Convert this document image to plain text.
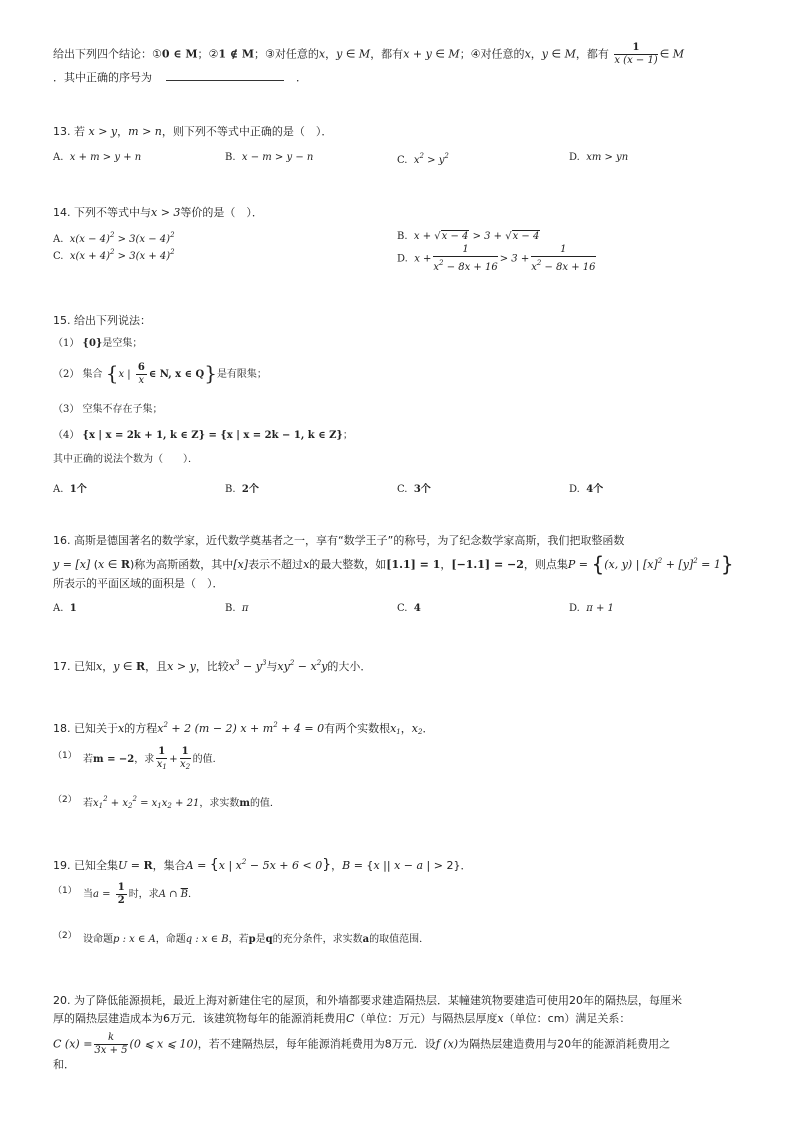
给出下列四个结论：①0 ∈ M；②1 ∉ M；③对任意的x，y ∈ M，都有x + y ∈ M；④对任意的x，y ∈ M，都有 $\frac{1}{x (x - 1)}$ ∈ M
．其中正确的序号为	．
13. 若 x > y，m > n，则下列不等式中正确的是（　）．
A. x + m > y + n	B. x − m > y − n	C. $x^2 > y^2$	D. xm > yn
14. 下列不等式中与x > 3等价的是（　）．
A.  $x(x - 4)^2 > 3(x - 4)^2$	B.  x + √x − 4 > 3 + √x − 4
C.  $x(x + 4)^2 > 3(x + 4)^2$
D.  $x + \frac{1}{x^2 - 8x + 16} > 3 + \frac{1}{x^2 - 8x + 16}$
15. 给出下列说法：
（1） {0}是空集；
（2） 集合 {x | $\frac{6}{x}$ ∈ N, x ∈ Q}是有限集；
（3） 空集不存在子集；
（4） {x | x = 2k + 1, k ∈ Z} = {x | x = 2k − 1, k ∈ Z}；
其中正确的说法个数为（　　）．
A. 1个	B. 2个	C. 3个	D. 4个
16. 高斯是德国著名的数学家，近代数学奠基者之一，享有“数学王子”的称号，为了纪念数学家高斯，我们把取整函数
y = [x] (x ∈ R)称为高斯函数，其中[x]表示不超过x的最大整数，如[1.1] = 1，[−1.1] = −2，则点集P = {(x, y) | $[x]^2 + [y]^2 = 1$}
所表示的平面区域的面积是（　）．
A. 1	B. π	C. 4	D. π + 1
17. 已知x，y ∈ R，且x > y，比较$x^3 - y^3$与$xy^2 - x^2y$的大小．
18. 已知关于x的方程$x^2 + 2$ (m − 2) $x + m^2 + 4 = 0$有两个实数根$x_1$，$x_2$．
（1） 若m = −2，求 $\frac{1}{x_1} + \frac{1}{x_2}$ 的值．
（2） 若$x_1^2 + x_2^2 = x_1x_2 + 21$，求实数m的值．
19. 已知全集U = R，集合A = {x | $x^2 - 5x + 6 < 0$}，B = {x || x − a | > 2}．
（1） 当$a = \frac{1}{2}$ 时，求A ∩ $\overline{B}$．
（2） 设命题p : x ∈ A，命题q : x ∈ B，若p是q的充分条件，求实数a的取值范围．
20. 为了降低能源损耗，最近上海对新建住宅的屋顶，和外墙都要求建造隔热层．某幢建筑物要建造可使用20年的隔热层，每厘米
厚的隔热层建造成本为6万元．该建筑物每年的能源消耗费用C（单位：万元）与隔热层厚度x（单位：cm）满足关系：
C $(x) = \frac{k}{3x + 5} (0$ ⩽ x ⩽ 10)，若不建隔热层，每年能源消耗费用为8万元．设f (x)为隔热层建造费用与20年的能源消耗费用之
和．
